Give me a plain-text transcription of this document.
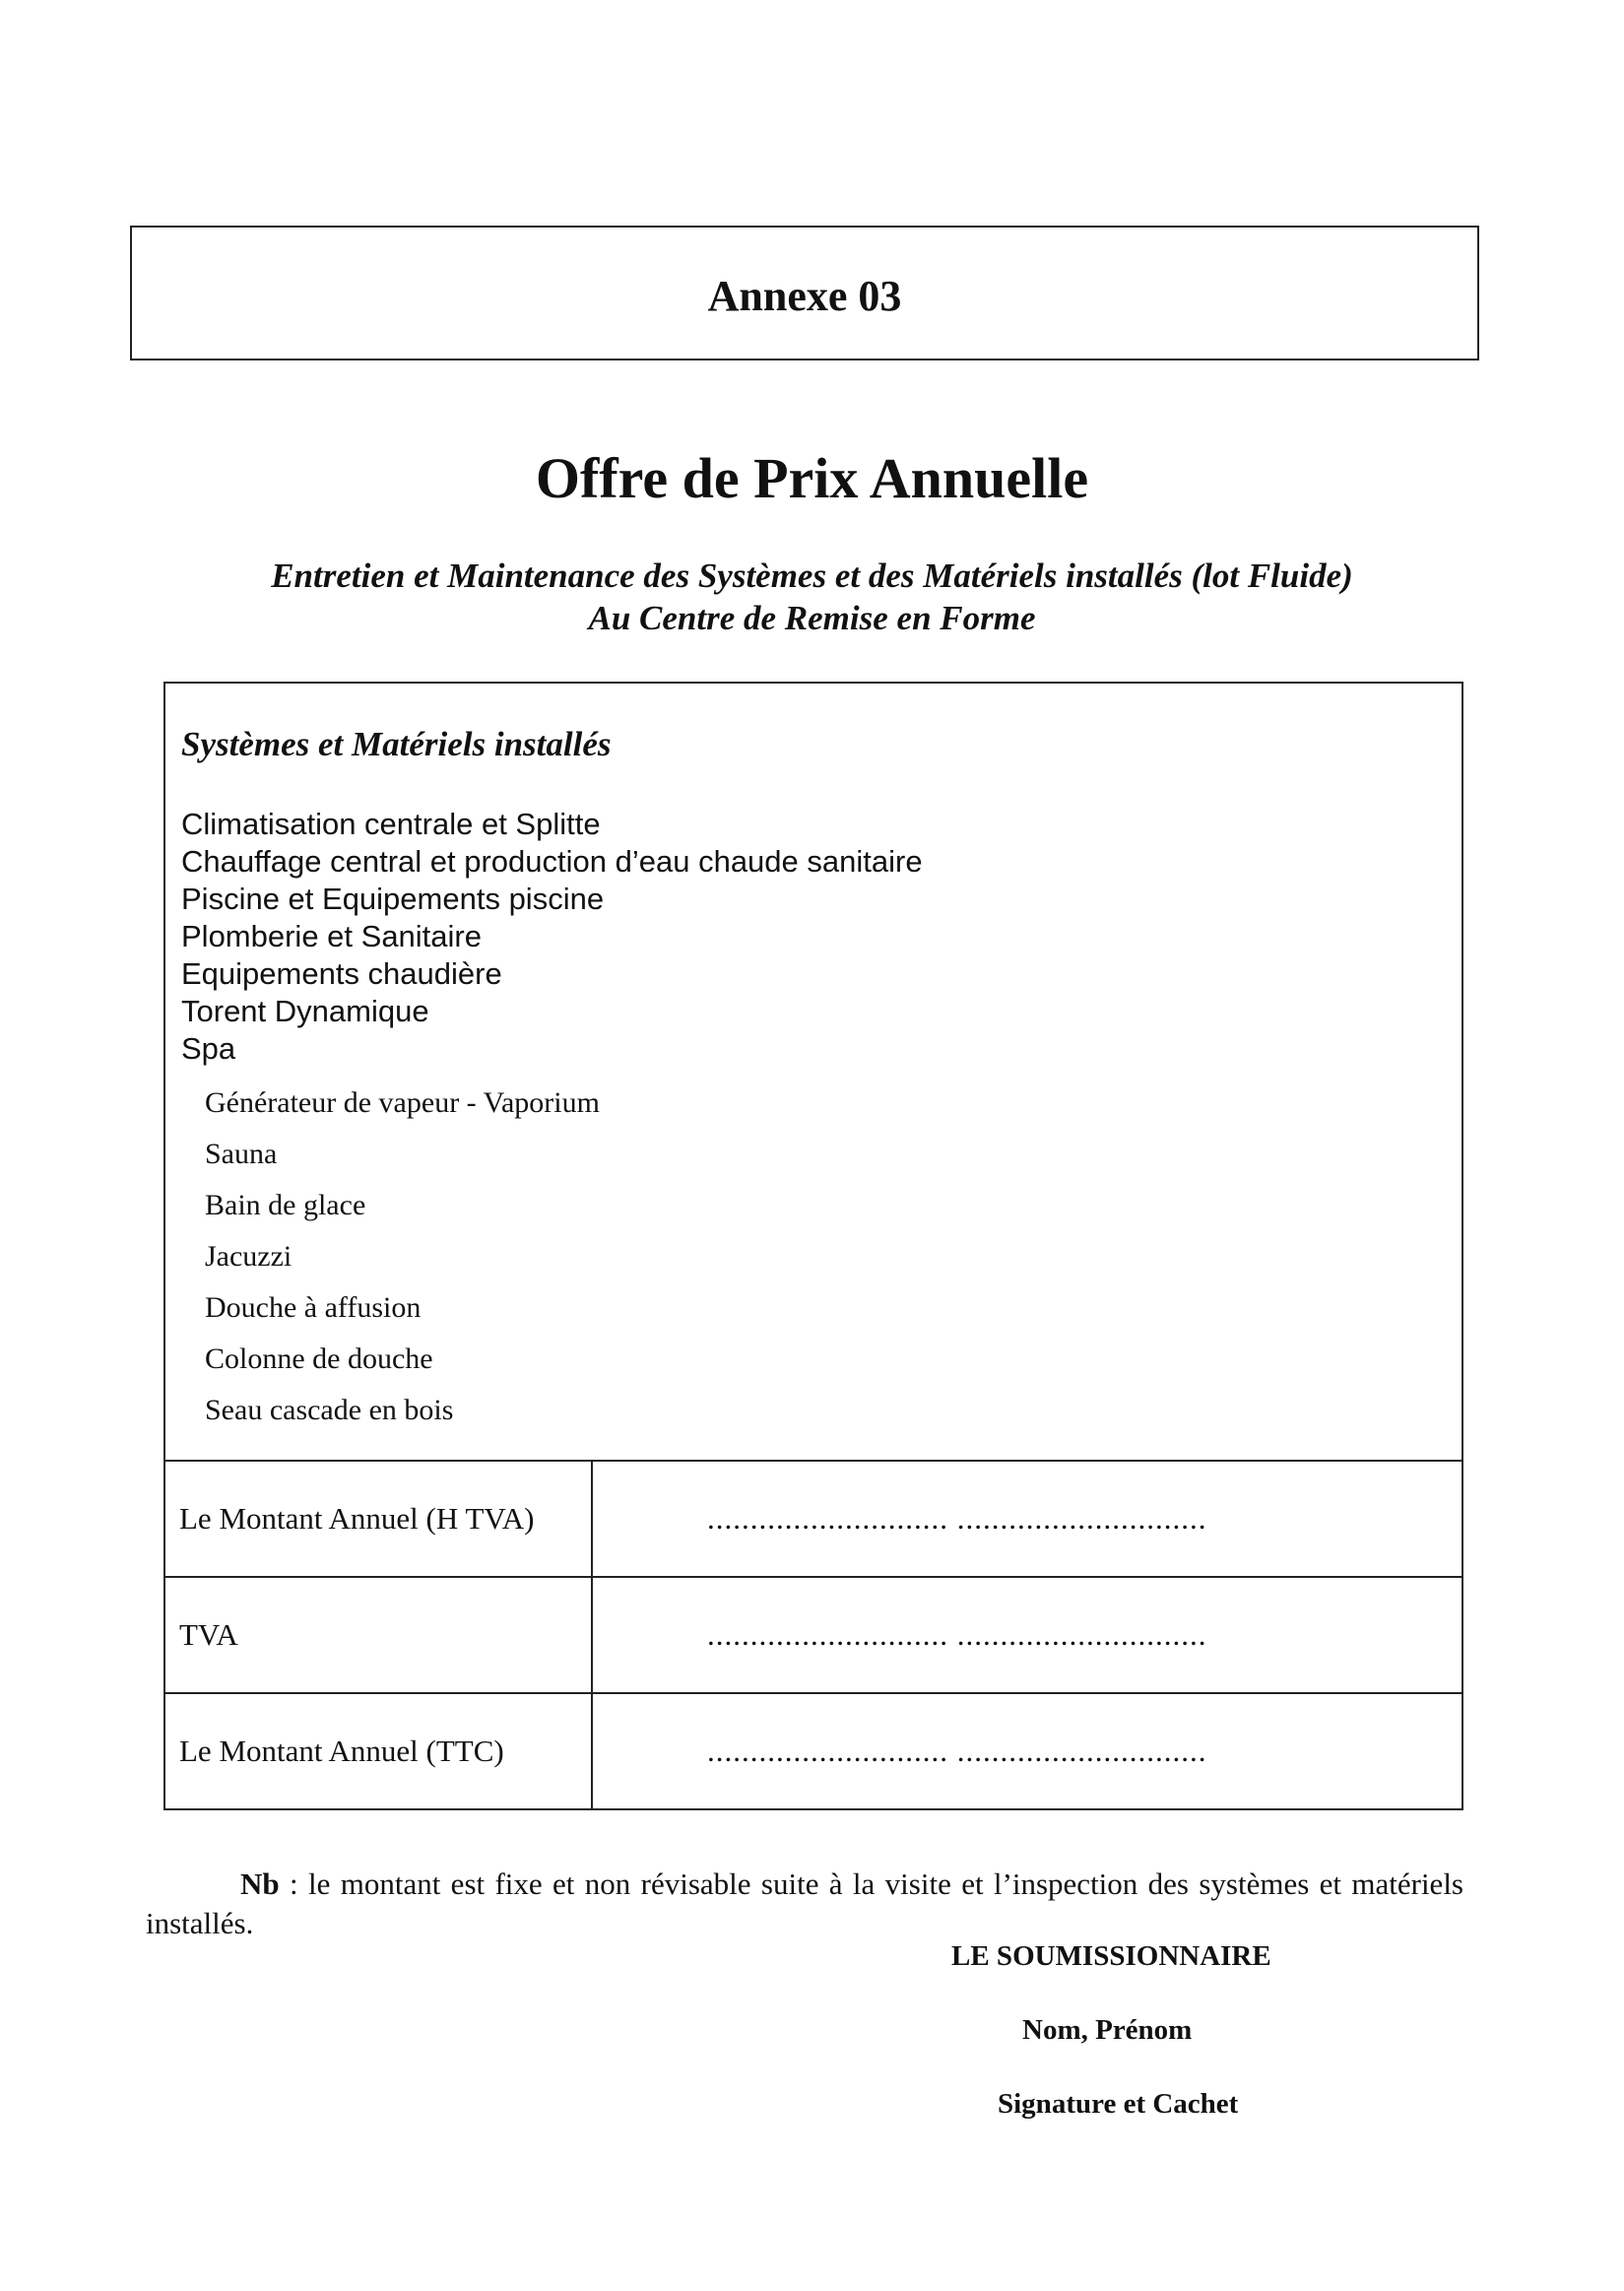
Annexe 03
Offre de Prix Annuelle
Entretien et Maintenance des Systèmes et des Matériels installés (lot Fluide)
Au Centre de Remise en Forme
Systèmes et Matériels installés
Climatisation centrale et Splitte
Chauffage central et production d’eau chaude sanitaire
Piscine et Equipements piscine
Plomberie et Sanitaire
Equipements chaudière
Torent Dynamique
Spa
Générateur de vapeur - Vaporium
Sauna
Bain de glace
Jacuzzi
Douche à affusion
Colonne de douche
Seau cascade en bois
Le Montant Annuel (H TVA)	............................ .............................
TVA	............................ .............................
Le Montant Annuel (TTC)	............................ .............................
Nb : le montant est fixe et non révisable suite à la visite et l’inspection des systèmes et matériels installés.
LE SOUMISSIONNAIRE
Nom, Prénom
Signature et Cachet
